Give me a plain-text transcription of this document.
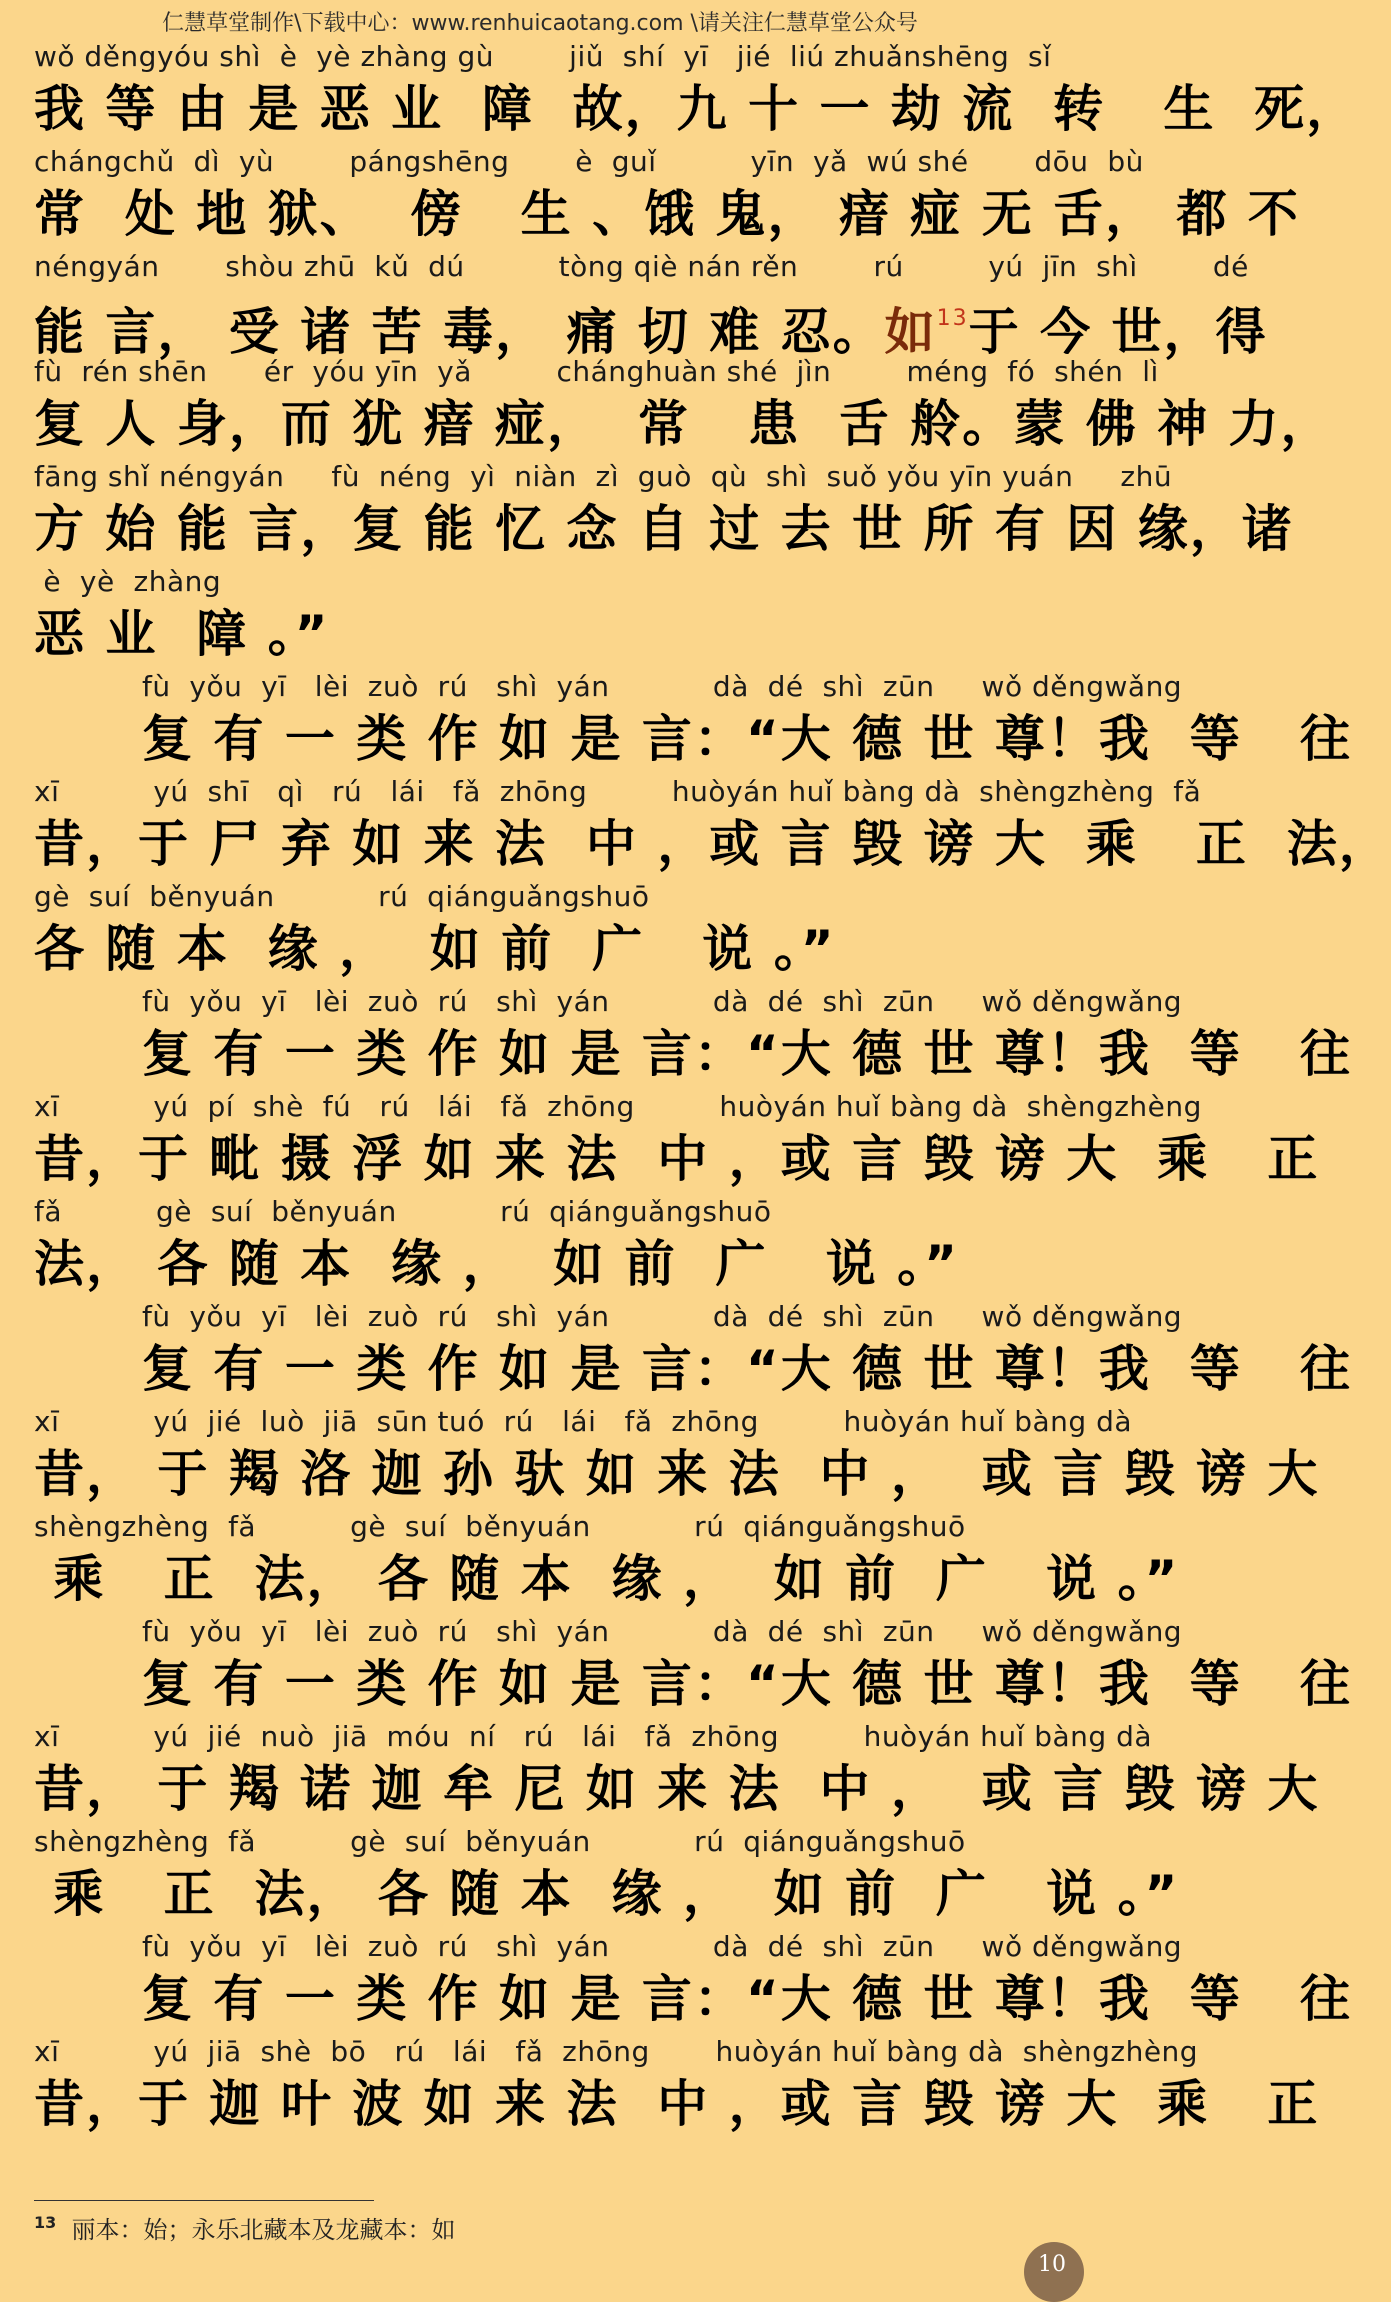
仁慧草堂制作\下载中心：www.renhuicaotang.com \请关注仁慧草堂公众号
wǒ děngyóu shì  è  yè zhàng gù        jiǔ  shí  yī   jié  liú zhuǎnshēng  sǐ
我 等 由 是 恶 业  障  故，九 十 一 劫 流  转   生  死，
chángchǔ  dì  yù        pángshēng       è  guǐ          yīn  yǎ  wú shé       dōu  bù
常  处 地 狱、  傍   生 、饿 鬼， 瘖 痖 无 舌， 都 不
néngyán       shòu zhū  kǔ  dú          tòng qiè nán rěn        rú         yú  jīn  shì        dé
能 言， 受 诸 苦 毒， 痛 切 难 忍。如$^{13}$于 今 世，得
fù  rén shēn      ér  yóu yīn  yǎ         chánghuàn shé  jìn        méng  fó  shén  lì
复 人 身，而 犹 瘖 痖，  常   患  舌 舲。蒙 佛 神 力，
fāng shǐ néngyán     fù  néng  yì  niàn  zì  guò  qù  shì  suǒ yǒu yīn yuán     zhū
方 始 能 言，复 能 忆 念 自 过 去 世 所 有 因 缘，诸
è  yè  zhàng
恶 业  障 。”
fù  yǒu  yī   lèi  zuò  rú   shì  yán           dà  dé  shì  zūn     wǒ děngwǎng
复 有 一 类 作 如 是 言：“大 德 世 尊！我  等   往
xī          yú  shī   qì   rú   lái   fǎ  zhōng         huòyán huǐ bàng dà  shèngzhèng  fǎ
昔，于 尸 弃 如 来 法  中 ，或 言 毁 谤 大  乘   正  法，
gè  suí  běnyuán           rú  qiánguǎngshuō
各 随 本  缘 ，  如 前  广   说 。”
fù  yǒu  yī   lèi  zuò  rú   shì  yán           dà  dé  shì  zūn     wǒ děngwǎng
复 有 一 类 作 如 是 言：“大 德 世 尊！我  等   往
xī          yú  pí  shè  fú   rú   lái   fǎ  zhōng         huòyán huǐ bàng dà  shèngzhèng
昔，于 毗 摄 浮 如 来 法  中 ，或 言 毁 谤 大  乘   正
fǎ          gè  suí  běnyuán           rú  qiánguǎngshuō
法， 各 随 本  缘 ，  如 前  广   说 。”
fù  yǒu  yī   lèi  zuò  rú   shì  yán           dà  dé  shì  zūn     wǒ děngwǎng
复 有 一 类 作 如 是 言：“大 德 世 尊！我  等   往
xī          yú  jié  luò  jiā  sūn tuó  rú   lái   fǎ  zhōng         huòyán huǐ bàng dà
昔， 于 羯 洛 迦 孙 驮 如 来 法  中 ，  或 言 毁 谤 大
shèngzhèng  fǎ          gè  suí  běnyuán           rú  qiánguǎngshuō
乘   正  法， 各 随 本  缘 ，  如 前  广   说 。”
fù  yǒu  yī   lèi  zuò  rú   shì  yán           dà  dé  shì  zūn     wǒ děngwǎng
复 有 一 类 作 如 是 言：“大 德 世 尊！我  等   往
xī          yú  jié  nuò  jiā  móu  ní   rú   lái   fǎ  zhōng         huòyán huǐ bàng dà
昔， 于 羯 诺 迦 牟 尼 如 来 法  中 ，  或 言 毁 谤 大
shèngzhèng  fǎ          gè  suí  běnyuán           rú  qiánguǎngshuō
乘   正  法， 各 随 本  缘 ，  如 前  广   说 。”
fù  yǒu  yī   lèi  zuò  rú   shì  yán           dà  dé  shì  zūn     wǒ děngwǎng
复 有 一 类 作 如 是 言：“大 德 世 尊！我  等   往
xī          yú  jiā  shè  bō   rú   lái   fǎ  zhōng       huòyán huǐ bàng dà  shèngzhèng
昔，于 迦 叶 波 如 来 法  中 ，或 言 毁 谤 大  乘   正
$^{13}$ 丽本：始；永乐北藏本及龙藏本：如
10
